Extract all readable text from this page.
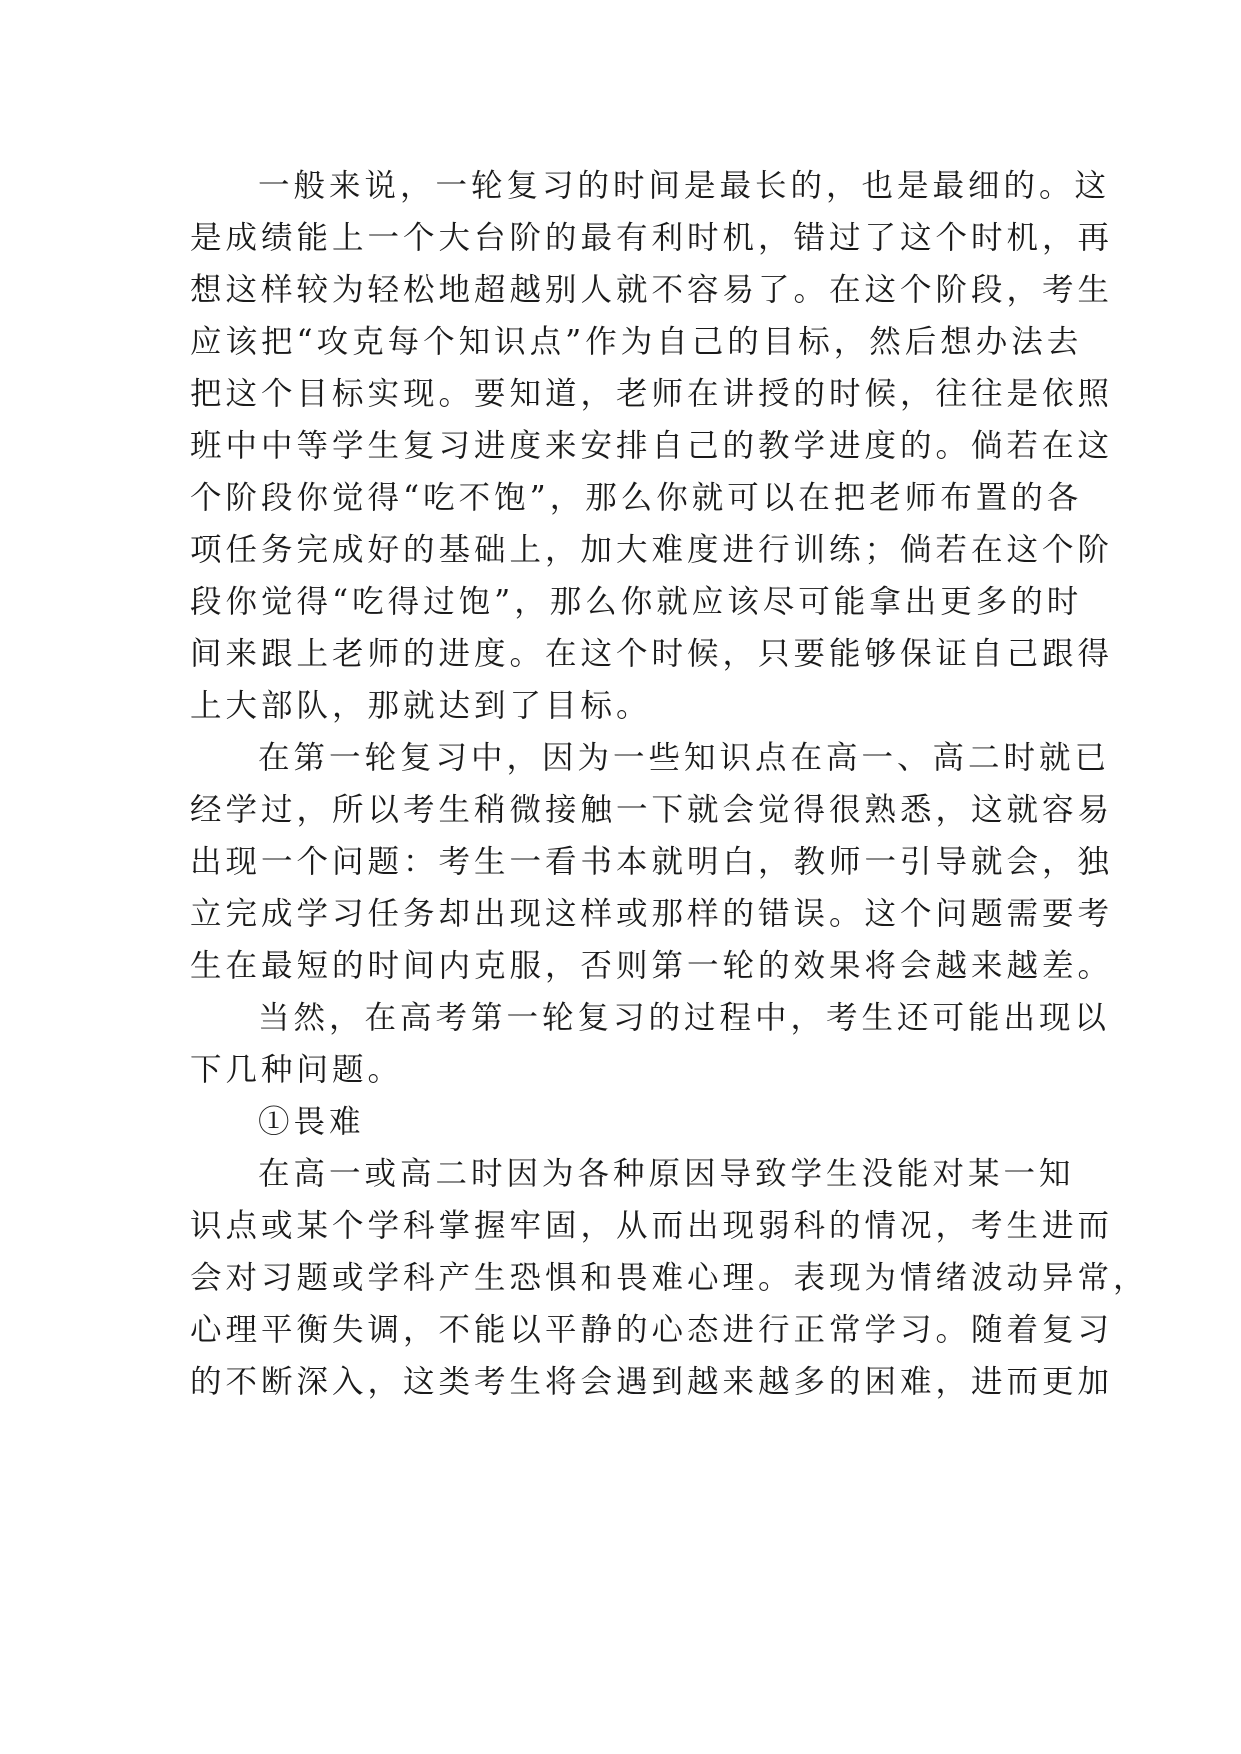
一般来说，一轮复习的时间是最长的，也是最细的。这
是成绩能上一个大台阶的最有利时机，错过了这个时机，再
想这样较为轻松地超越别人就不容易了。在这个阶段，考生
应该把“攻克每个知识点”作为自己的目标，然后想办法去
把这个目标实现。要知道，老师在讲授的时候，往往是依照
班中中等学生复习进度来安排自己的教学进度的。倘若在这
个阶段你觉得“吃不饱”，那么你就可以在把老师布置的各
项任务完成好的基础上，加大难度进行训练；倘若在这个阶
段你觉得“吃得过饱”，那么你就应该尽可能拿出更多的时
间来跟上老师的进度。在这个时候，只要能够保证自己跟得
上大部队，那就达到了目标。
在第一轮复习中，因为一些知识点在高一、高二时就已
经学过，所以考生稍微接触一下就会觉得很熟悉，这就容易
出现一个问题：考生一看书本就明白，教师一引导就会，独
立完成学习任务却出现这样或那样的错误。这个问题需要考
生在最短的时间内克服，否则第一轮的效果将会越来越差。
当然，在高考第一轮复习的过程中，考生还可能出现以
下几种问题。
①畏难
在高一或高二时因为各种原因导致学生没能对某一知
识点或某个学科掌握牢固，从而出现弱科的情况，考生进而
会对习题或学科产生恐惧和畏难心理。表现为情绪波动异常，
心理平衡失调，不能以平静的心态进行正常学习。随着复习
的不断深入，这类考生将会遇到越来越多的困难，进而更加
